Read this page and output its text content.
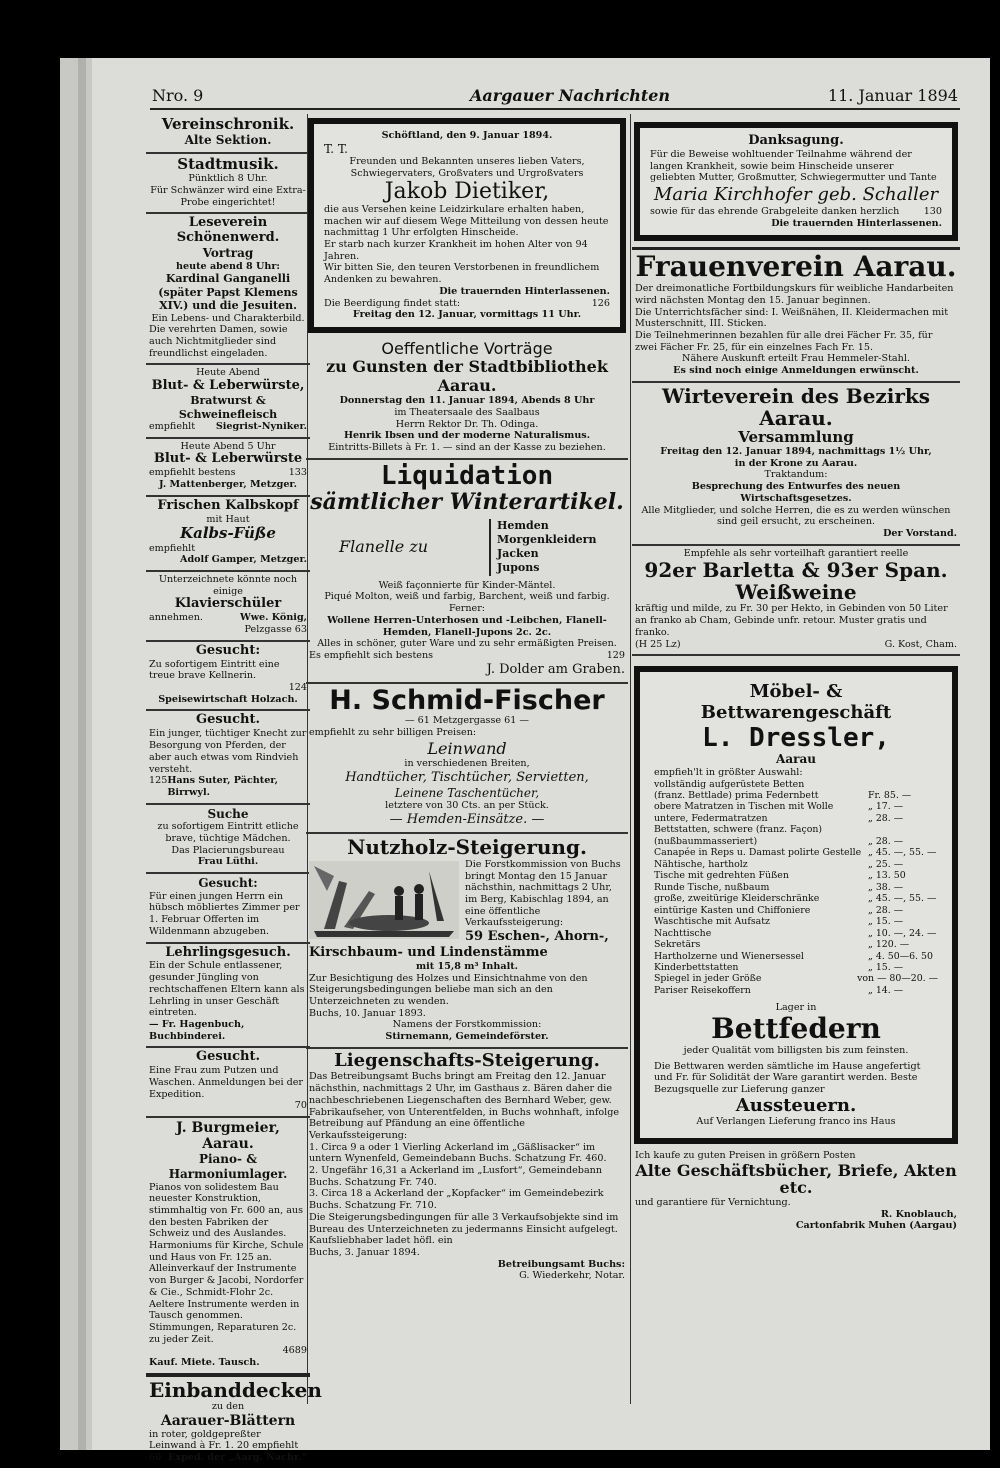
Nro. 9	Aargauer Nachrichten	11. Januar 1894
Vereinschronik.
Alte Sektion.
Stadtmusik.
Pünktlich 8 Uhr.
Für Schwänzer wird eine Extra-Probe eingerichtet!
Leseverein Schönenwerd.
Vortrag
heute abend 8 Uhr:
Kardinal Ganganelli (später Papst Klemens XIV.) und die Jesuiten.
Ein Lebens- und Charakterbild.
Die verehrten Damen, sowie auch Nichtmitglieder sind freundlichst eingeladen.
Heute Abend
Blut- & Leberwürste,
Bratwurst & Schweinefleisch
empfiehlt Siegrist-Nyniker.
Heute Abend 5 Uhr
Blut- & Leberwürste
empfiehlt bestens	133
J. Mattenberger, Metzger.
Frischen Kalbskopf
mit Haut
Kalbs-Füße
empfiehlt
Adolf Gamper, Metzger.
Unterzeichnete könnte noch einige
Klavierschüler
annehmen.	Wwe. König,
Pelzgasse 63
Gesucht:
Zu sofortigem Eintritt eine treue brave Kellnerin.
124
Speisewirtschaft Holzach.
Gesucht.
Ein junger, tüchtiger Knecht zur Besorgung von Pferden, der aber auch etwas vom Rindvieh versteht.
125 Hans Suter, Pächter, Birrwyl.
Suche
zu sofortigem Eintritt etliche brave, tüchtige Mädchen.
Das Placierungsbureau
Frau Lüthi.
Gesucht:
Für einen jungen Herrn ein hübsch möbliertes Zimmer per 1. Februar Offerten im Wildenmann abzugeben.
Lehrlingsgesuch.
Ein der Schule entlassener, gesunder Jüngling von rechtschaffenen Eltern kann als Lehrling in unser Geschäft eintreten.
— Fr. Hagenbuch, Buchbinderei.
Gesucht.
Eine Frau zum Putzen und Waschen. Anmeldungen bei der Expedition.
70
J. Burgmeier, Aarau.
Piano- & Harmoniumlager.
Pianos von solidestem Bau neuester Konstruktion, stimmhaltig von Fr. 600 an, aus den besten Fabriken der Schweiz und des Auslandes. Harmoniums für Kirche, Schule und Haus von Fr. 125 an. Alleinverkauf der Instrumente von Burger & Jacobi, Nordorfer & Cie., Schmidt-Flohr 2c. Aeltere Instrumente werden in Tausch genommen. Stimmungen, Reparaturen 2c. zu jeder Zeit.
4689
Kauf. Miete. Tausch.
Einbanddecken
zu den
Aarauer-Blättern
in roter, goldgepreßter Leinwand à Fr. 1. 20 empfiehlt
60 Exped. der „Aarg. Nachr.“
Schöftland, den 9. Januar 1894.
T. T.
Freunden und Bekannten unseres lieben Vaters, Schwiegervaters, Großvaters und Urgroßvaters
Jakob Dietiker,
die aus Versehen keine Leidzirkulare erhalten haben, machen wir auf diesem Wege Mitteilung von dessen heute nachmittag 1 Uhr erfolgten Hinscheide.
Er starb nach kurzer Krankheit im hohen Alter von 94 Jahren.
Wir bitten Sie, den teuren Verstorbenen in freundlichem Andenken zu bewahren.
Die trauernden Hinterlassenen.
Die Beerdigung findet statt:	126
Freitag den 12. Januar, vormittags 11 Uhr.
Oeffentliche Vorträge
zu Gunsten der Stadtbibliothek Aarau.
Donnerstag den 11. Januar 1894, Abends 8 Uhr
im Theatersaale des Saalbaus
Herrn Rektor Dr. Th. Odinga.
Henrik Ibsen und der moderne Naturalismus.
Eintritts-Billets à Fr. 1. — sind an der Kasse zu beziehen.
Liquidation
sämtlicher Winterartikel.
Flanelle zu
Hemden
Morgenkleidern
Jacken
Jupons
Weiß façonnierte für Kinder-Mäntel.
Piqué Molton, weiß und farbig, Barchent, weiß und farbig.
Ferner:
Wollene Herren-Unterhosen und -Leibchen, Flanell-Hemden, Flanell-Jupons 2c. 2c.
Alles in schöner, guter Ware und zu sehr ermäßigten Preisen.
Es empfiehlt sich bestens	129
J. Dolder am Graben.
H. Schmid-Fischer
— 61 Metzgergasse 61 —
empfiehlt zu sehr billigen Preisen:
Leinwand
in verschiedenen Breiten,
Handtücher, Tischtücher, Servietten,
Leinene Taschentücher,
letztere von 30 Cts. an per Stück.
— Hemden-Einsätze. —
Nutzholz-Steigerung.
Die Forstkommission von Buchs bringt Montag den 15 Januar nächsthin, nachmittags 2 Uhr, im Berg, Kabischlag 1894, an eine öffentliche Verkaufssteigerung:
59 Eschen-, Ahorn-, Kirschbaum- und Lindenstämme
mit 15,8 m³ Inhalt.
Zur Besichtigung des Holzes und Einsichtnahme von den Steigerungsbedingungen beliebe man sich an den Unterzeichneten zu wenden.
Buchs, 10. Januar 1893.
Namens der Forstkommission:
Stirnemann, Gemeindeförster.
Liegenschafts-Steigerung.
Das Betreibungsamt Buchs bringt am Freitag den 12. Januar nächsthin, nachmittags 2 Uhr, im Gasthaus z. Bären daher die nachbeschriebenen Liegenschaften des Bernhard Weber, gew. Fabrikaufseher, von Unterentfelden, in Buchs wohnhaft, infolge Betreibung auf Pfändung an eine öffentliche Verkaufssteigerung:
1. Circa 9 a oder 1 Vierling Ackerland im „Gäßlisacker“ im untern Wynenfeld, Gemeindebann Buchs. Schatzung Fr. 460.
2. Ungefähr 16,31 a Ackerland im „Lusfort“, Gemeindebann Buchs. Schatzung Fr. 740.
3. Circa 18 a Ackerland der „Kopfacker“ im Gemeindebezirk Buchs. Schatzung Fr. 710.
Die Steigerungsbedingungen für alle 3 Verkaufsobjekte sind im Bureau des Unterzeichneten zu jedermanns Einsicht aufgelegt.
Kaufsliebhaber ladet höfl. ein
Buchs, 3. Januar 1894.
Betreibungsamt Buchs:
G. Wiederkehr, Notar.
Danksagung.
Für die Beweise wohltuender Teilnahme während der langen Krankheit, sowie beim Hinscheide unserer geliebten Mutter, Großmutter, Schwiegermutter und Tante
Maria Kirchhofer geb. Schaller
sowie für das ehrende Grabgeleite danken herzlich	130
Die trauernden Hinterlassenen.
Frauenverein Aarau.
Der dreimonatliche Fortbildungskurs für weibliche Handarbeiten wird nächsten Montag den 15. Januar beginnen.
Die Unterrichtsfächer sind: I. Weißnähen, II. Kleidermachen mit Musterschnitt, III. Sticken.
Die Teilnehmerinnen bezahlen für alle drei Fächer Fr. 35, für zwei Fächer Fr. 25, für ein einzelnes Fach Fr. 15.
Nähere Auskunft erteilt Frau Hemmeler-Stahl.
Es sind noch einige Anmeldungen erwünscht.
Wirteverein des Bezirks Aarau.
Versammlung
Freitag den 12. Januar 1894, nachmittags 1½ Uhr,
in der Krone zu Aarau.
Traktandum:
Besprechung des Entwurfes des neuen Wirtschaftsgesetzes.
Alle Mitglieder, und solche Herren, die es zu werden wünschen sind geil ersucht, zu erscheinen.
Der Vorstand.
Empfehle als sehr vorteilhaft garantiert reelle
92er Barletta & 93er Span. Weißweine
kräftig und milde, zu Fr. 30 per Hekto, in Gebinden von 50 Liter an franko ab Cham, Gebinde unfr. retour. Muster gratis und franko.
(H 25 Lz)	G. Kost, Cham.
Möbel- & Bettwarengeschäft
L. Dressler,
Aarau
empfieh'lt in größter Auswahl:
vollständig aufgerüstete Betten
(franz. Bettlade) prima Federnbett	Fr. 85. —
obere Matratzen in Tischen mit Wolle	„ 17. —
untere, Federmatratzen	„ 28. —
Bettstatten, schwere (franz. Façon)
(nußbaummasseriert)	„ 28. —
Canapée in Reps u. Damast polirte Gestelle „ 45. —, 55. —
Nähtische, hartholz	„ 25. —
Tische mit gedrehten Füßen	„ 13. 50
Runde Tische, nußbaum	„ 38. —
große, zweitürige Kleiderschränke	„ 45. —, 55. —
eintürige Kasten und Chiffoniere	„ 28. —
Waschtische mit Aufsatz	„ 15. —
Nachttische	„ 10. —, 24. —
Sekretärs	„ 120. —
Hartholzerne und Wienersessel	„ 4. 50—6. 50
Kinderbettstatten	„ 15. —
Spiegel in jeder Größe	von — 80—20. —
Pariser Reisekoffern	„ 14. —
Lager in
Bettfedern
jeder Qualität vom billigsten bis zum feinsten.
Die Bettwaren werden sämtliche im Hause angefertigt und Fr. für Solidität der Ware garantirt werden. Beste Bezugsquelle zur Lieferung ganzer
Aussteuern.
Auf Verlangen Lieferung franco ins Haus
Ich kaufe zu guten Preisen in größern Posten
Alte Geschäftsbücher, Briefe, Akten etc.
und garantiere für Vernichtung.
R. Knoblauch,
Cartonfabrik Muhen (Aargau)
